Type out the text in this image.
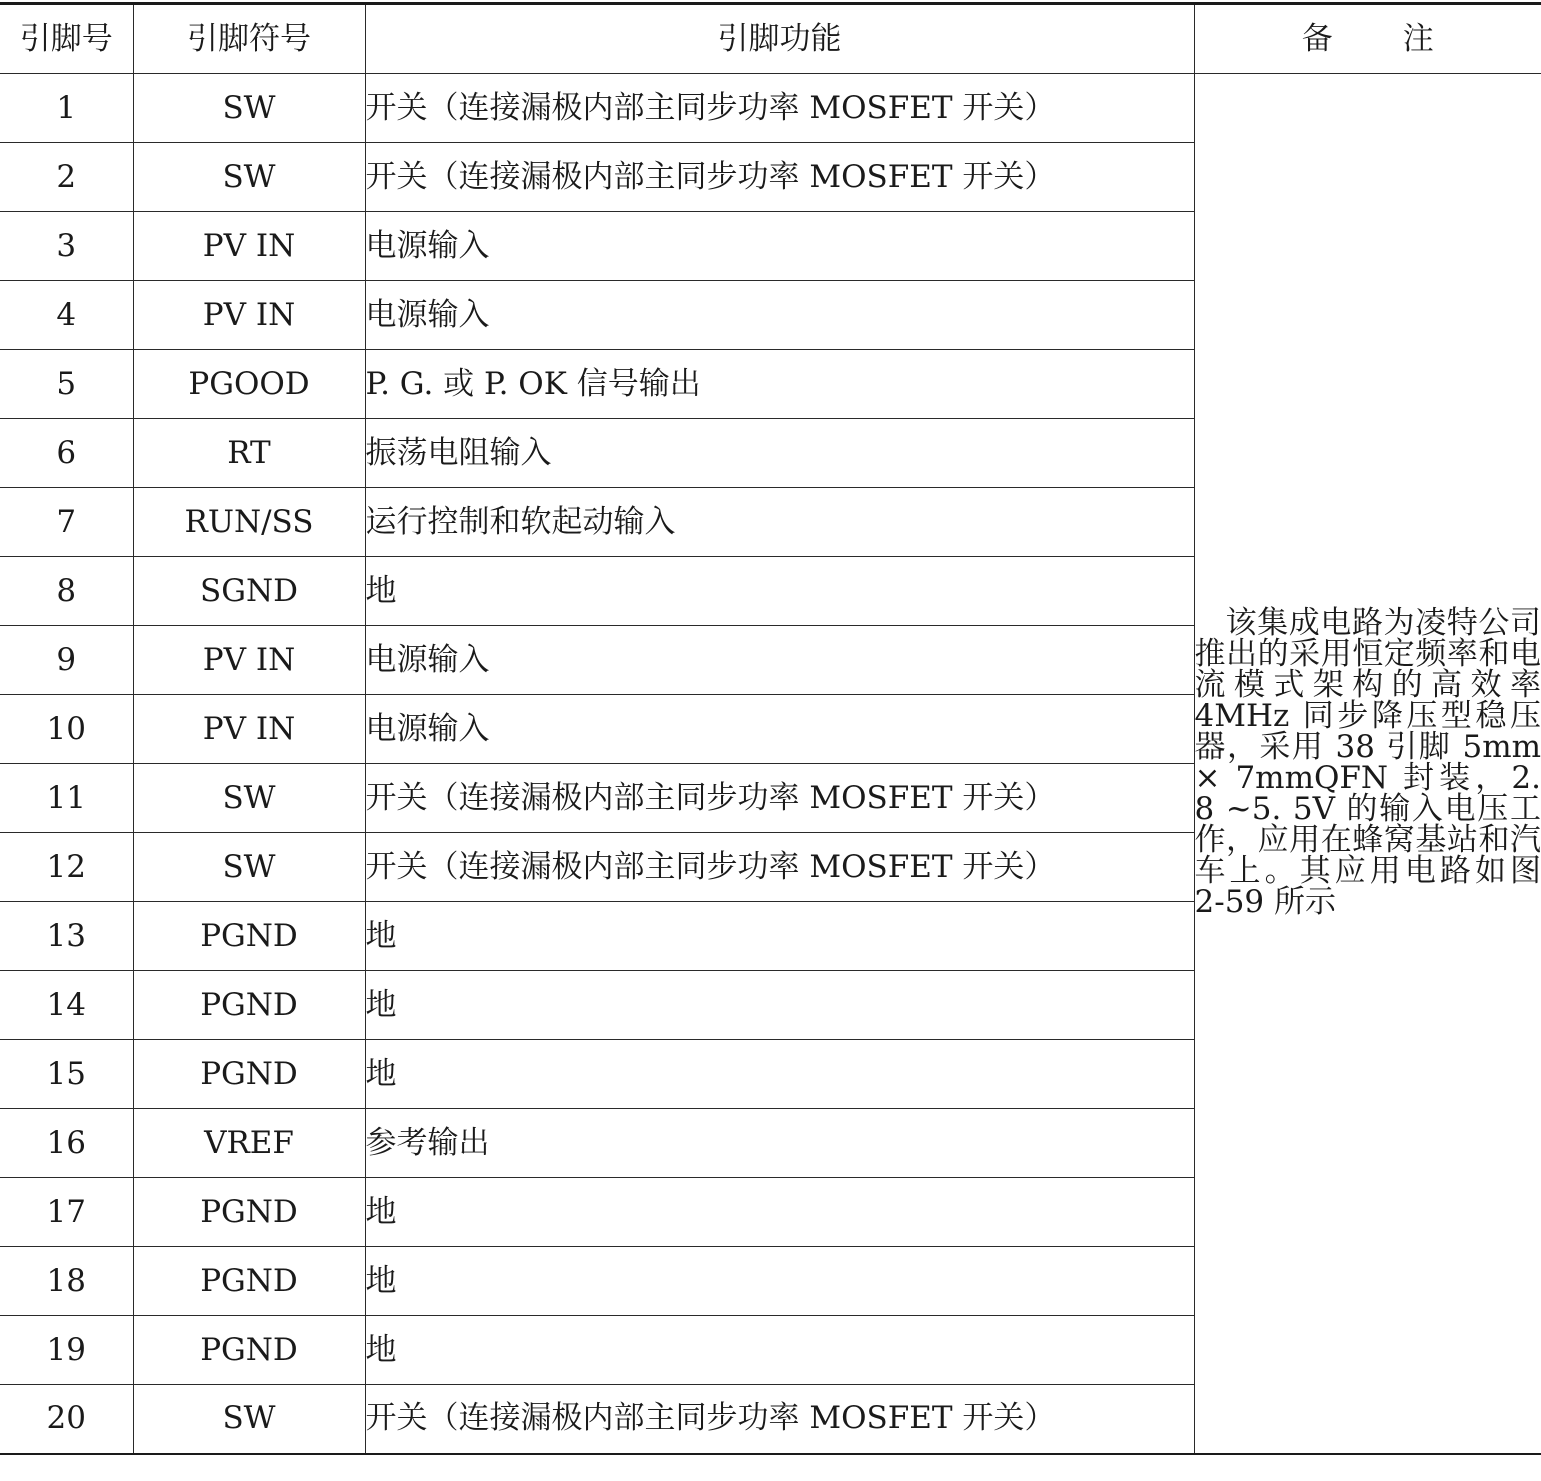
引脚号	引脚符号	引脚功能	备 注
1	SW	开关（连接漏极内部主同步功率 MOSFET 开关）	该集成电路为凌特公司推出的采用恒定频率和电流模式架构的高效率 4MHz 同步降压型稳压器，采用 38 引脚 5mm × 7mmQFN 封装，2. 8 ~5. 5V 的输入电压工作，应用在蜂窝基站和汽车上。其应用电路如图 2-59 所示
2	SW	开关（连接漏极内部主同步功率 MOSFET 开关）	
3	PV IN	电源输入	
4	PV IN	电源输入	
5	PGOOD	P. G. 或 P. OK 信号输出	
6	RT	振荡电阻输入	
7	RUN/SS	运行控制和软起动输入	
8	SGND	地	
9	PV IN	电源输入	
10	PV IN	电源输入	
11	SW	开关（连接漏极内部主同步功率 MOSFET 开关）	
12	SW	开关（连接漏极内部主同步功率 MOSFET 开关）	
13	PGND	地	
14	PGND	地	
15	PGND	地	
16	VREF	参考输出	
17	PGND	地	
18	PGND	地	
19	PGND	地	
20	SW	开关（连接漏极内部主同步功率 MOSFET 开关）	
